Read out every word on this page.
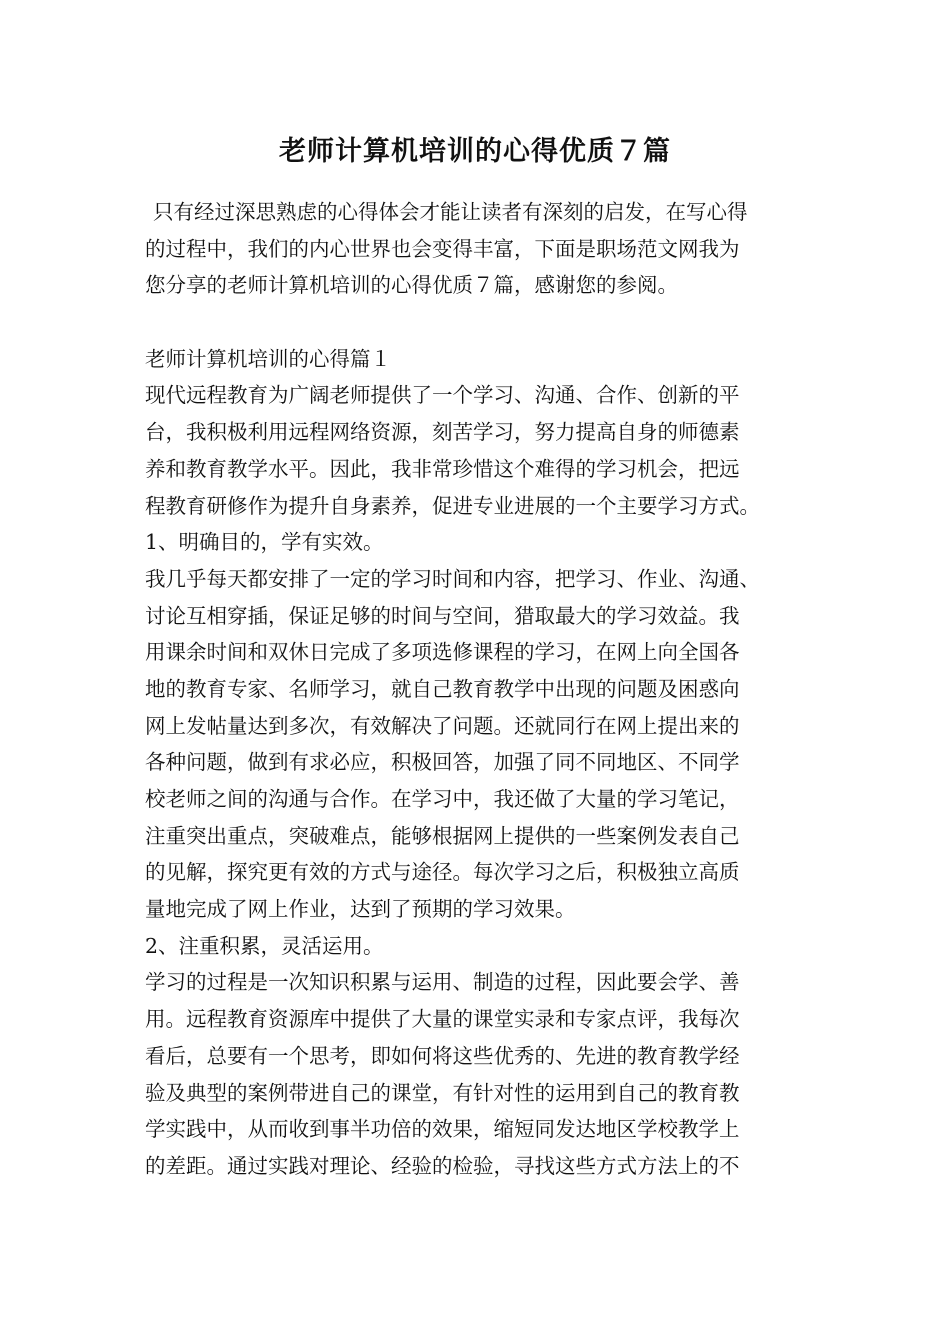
老师计算机培训的心得优质７篇
只有经过深思熟虑的心得体会才能让读者有深刻的启发，在写心得
的过程中，我们的内心世界也会变得丰富，下面是职场范文网我为
您分享的老师计算机培训的心得优质７篇，感谢您的参阅。
老师计算机培训的心得篇１
现代远程教育为广阔老师提供了一个学习、沟通、合作、创新的平
台，我积极利用远程网络资源，刻苦学习，努力提高自身的师德素
养和教育教学水平。因此，我非常珍惜这个难得的学习机会，把远
程教育研修作为提升自身素养，促进专业进展的一个主要学习方式。
1、明确目的，学有实效。
我几乎每天都安排了一定的学习时间和内容，把学习、作业、沟通、
讨论互相穿插，保证足够的时间与空间，猎取最大的学习效益。我
用课余时间和双休日完成了多项选修课程的学习，在网上向全国各
地的教育专家、名师学习，就自己教育教学中出现的问题及困惑向
网上发帖量达到多次，有效解决了问题。还就同行在网上提出来的
各种问题，做到有求必应，积极回答，加强了同不同地区、不同学
校老师之间的沟通与合作。在学习中，我还做了大量的学习笔记，
注重突出重点，突破难点，能够根据网上提供的一些案例发表自己
的见解，探究更有效的方式与途径。每次学习之后，积极独立高质
量地完成了网上作业，达到了预期的学习效果。
2、注重积累，灵活运用。
学习的过程是一次知识积累与运用、制造的过程，因此要会学、善
用。远程教育资源库中提供了大量的课堂实录和专家点评，我每次
看后，总要有一个思考，即如何将这些优秀的、先进的教育教学经
验及典型的案例带进自己的课堂，有针对性的运用到自己的教育教
学实践中，从而收到事半功倍的效果，缩短同发达地区学校教学上
的差距。通过实践对理论、经验的检验，寻找这些方式方法上的不
